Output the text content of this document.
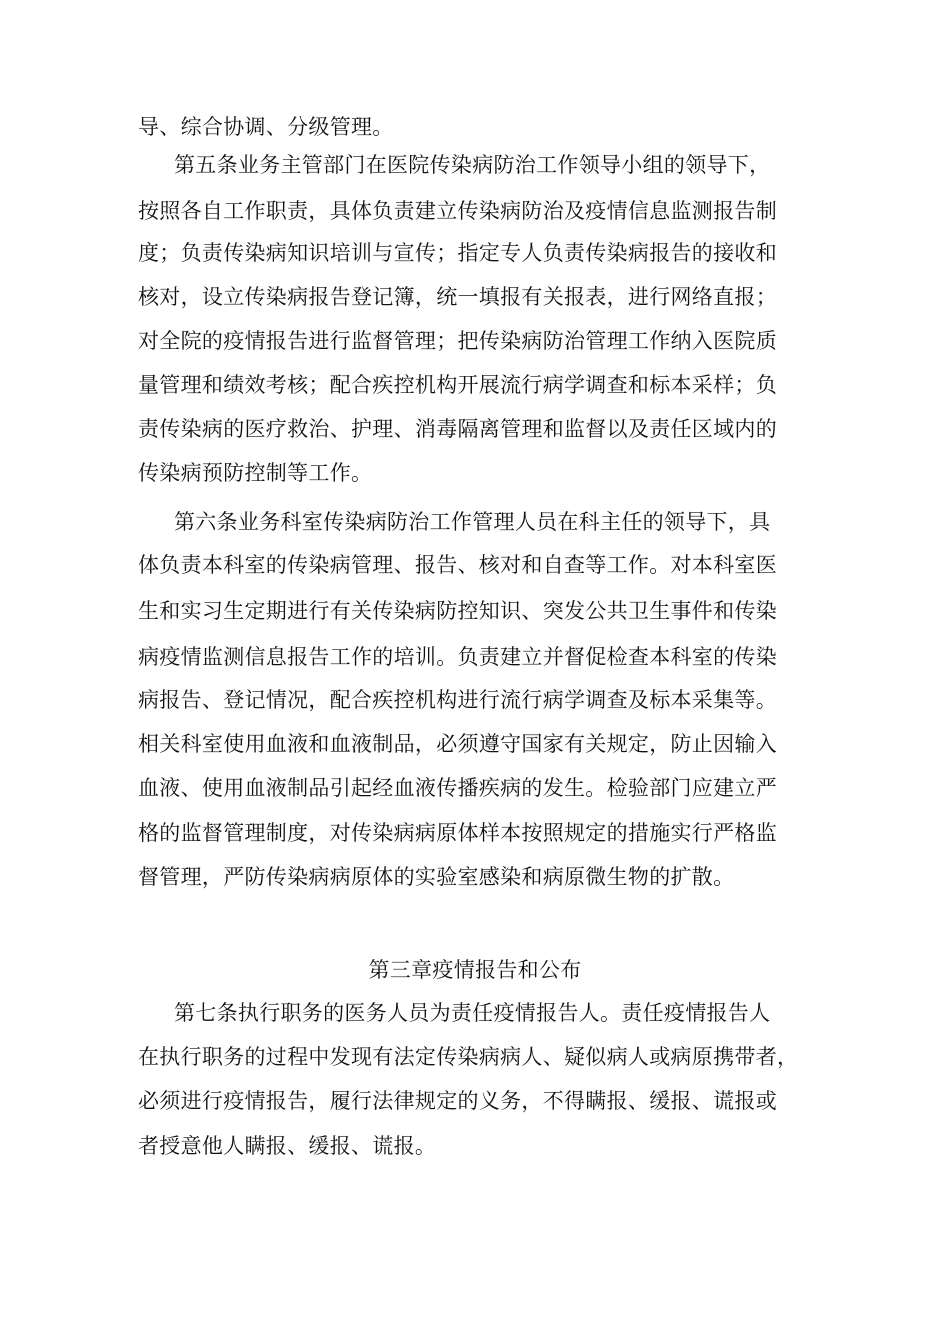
导、综合协调、分级管理。
第五条业务主管部门在医院传染病防治工作领导小组的领导下，
按照各自工作职责，具体负责建立传染病防治及疫情信息监测报告制
度；负责传染病知识培训与宣传；指定专人负责传染病报告的接收和
核对，设立传染病报告登记簿，统一填报有关报表，进行网络直报；
对全院的疫情报告进行监督管理；把传染病防治管理工作纳入医院质
量管理和绩效考核；配合疾控机构开展流行病学调查和标本采样；负
责传染病的医疗救治、护理、消毒隔离管理和监督以及责任区域内的
传染病预防控制等工作。
第六条业务科室传染病防治工作管理人员在科主任的领导下，具
体负责本科室的传染病管理、报告、核对和自查等工作。对本科室医
生和实习生定期进行有关传染病防控知识、突发公共卫生事件和传染
病疫情监测信息报告工作的培训。负责建立并督促检查本科室的传染
病报告、登记情况，配合疾控机构进行流行病学调查及标本采集等。
相关科室使用血液和血液制品，必须遵守国家有关规定，防止因输入
血液、使用血液制品引起经血液传播疾病的发生。检验部门应建立严
格的监督管理制度，对传染病病原体样本按照规定的措施实行严格监
督管理，严防传染病病原体的实验室感染和病原微生物的扩散。
第三章疫情报告和公布
第七条执行职务的医务人员为责任疫情报告人。责任疫情报告人
在执行职务的过程中发现有法定传染病病人、疑似病人或病原携带者，
必须进行疫情报告，履行法律规定的义务，不得瞒报、缓报、谎报或
者授意他人瞒报、缓报、谎报。
